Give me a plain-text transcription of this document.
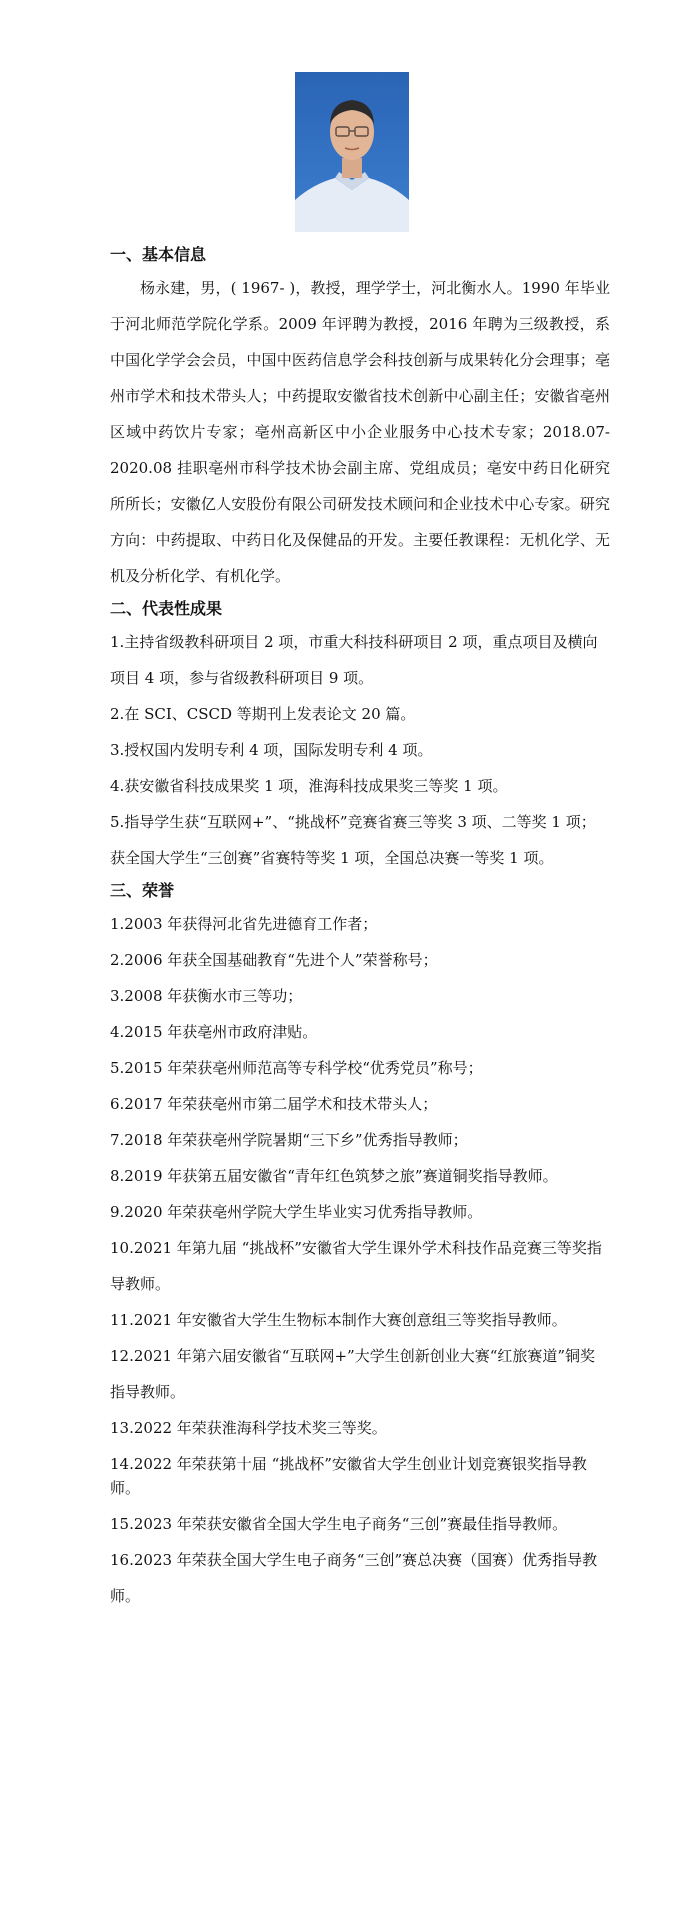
一、基本信息

杨永建，男，( 1967- )，教授，理学学士，河北衡水人。1990 年毕业于河北师范学院化学系。2009 年评聘为教授，2016 年聘为三级教授，系中国化学学会会员，中国中医药信息学会科技创新与成果转化分会理事；亳州市学术和技术带头人；中药提取安徽省技术创新中心副主任；安徽省亳州区域中药饮片专家；亳州高新区中小企业服务中心技术专家；2018.07-2020.08 挂职亳州市科学技术协会副主席、党组成员；亳安中药日化研究所所长；安徽亿人安股份有限公司研发技术顾问和企业技术中心专家。研究方向：中药提取、中药日化及保健品的开发。主要任教课程：无机化学、无机及分析化学、有机化学。

二、代表性成果

1.主持省级教科研项目 2 项，市重大科技科研项目 2 项，重点项目及横向项目 4 项，参与省级教科研项目 9 项。

2.在 SCI、CSCD 等期刊上发表论文 20 篇。

3.授权国内发明专利 4 项，国际发明专利 4 项。

4.获安徽省科技成果奖 1 项，淮海科技成果奖三等奖 1 项。

5.指导学生获“互联网+”、“挑战杯”竞赛省赛三等奖 3 项、二等奖 1 项；获全国大学生“三创赛”省赛特等奖 1 项，全国总决赛一等奖 1 项。

三、荣誉

1.2003 年获得河北省先进德育工作者；

2.2006 年获全国基础教育“先进个人”荣誉称号；

3.2008 年获衡水市三等功；

4.2015 年获亳州市政府津贴。

5.2015 年荣获亳州师范高等专科学校“优秀党员”称号；

6.2017 年荣获亳州市第二届学术和技术带头人；

7.2018 年荣获亳州学院暑期“三下乡”优秀指导教师；

8.2019 年获第五届安徽省“青年红色筑梦之旅”赛道铜奖指导教师。

9.2020 年荣获亳州学院大学生毕业实习优秀指导教师。

10.2021 年第九届 “挑战杯”安徽省大学生课外学术科技作品竞赛三等奖指导教师。

11.2021 年安徽省大学生生物标本制作大赛创意组三等奖指导教师。

12.2021 年第六届安徽省“互联网+”大学生创新创业大赛“红旅赛道”铜奖指导教师。

13.2022 年荣获淮海科学技术奖三等奖。

14.2022 年荣获第十届 “挑战杯”安徽省大学生创业计划竞赛银奖指导教师。

15.2023 年荣获安徽省全国大学生电子商务“三创”赛最佳指导教师。

16.2023 年荣获全国大学生电子商务“三创”赛总决赛（国赛）优秀指导教师。
